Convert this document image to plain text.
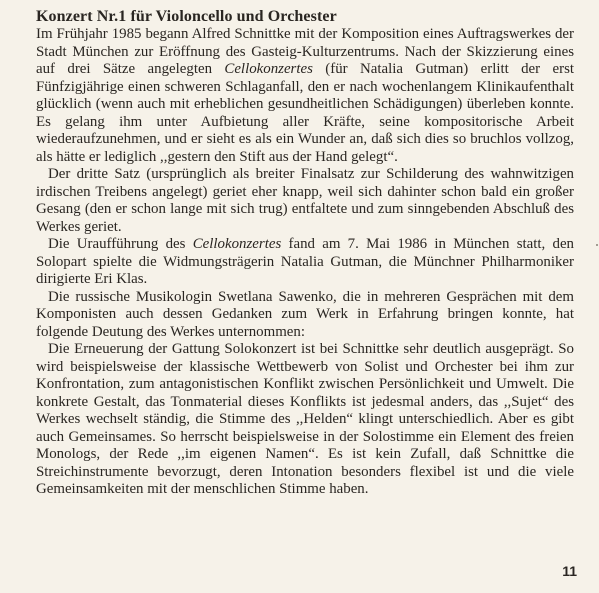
Konzert Nr.1 für Violoncello und Orchester

Im Frühjahr 1985 begann Alfred Schnittke mit der Komposition eines Auftragswerkes der Stadt München zur Eröffnung des Gasteig-Kulturzentrums. Nach der Skizzierung eines auf drei Sätze angelegten Cellokonzertes (für Natalia Gutman) erlitt der erst Fünfzigjährige einen schweren Schlaganfall, den er nach wochenlangem Klinikaufenthalt glücklich (wenn auch mit erheblichen gesundheitlichen Schädigungen) überleben konnte. Es gelang ihm unter Aufbietung aller Kräfte, seine kompositorische Arbeit wiederaufzunehmen, und er sieht es als ein Wunder an, daß sich dies so bruchlos vollzog, als hätte er lediglich ,,gestern den Stift aus der Hand gelegt“.

Der dritte Satz (ursprünglich als breiter Finalsatz zur Schilderung des wahnwitzigen irdischen Treibens angelegt) geriet eher knapp, weil sich dahinter schon bald ein großer Gesang (den er schon lange mit sich trug) entfaltete und zum sinngebenden Abschluß des Werkes geriet.

Die Uraufführung des Cellokonzertes fand am 7. Mai 1986 in München statt, den Solopart spielte die Widmungsträgerin Natalia Gutman, die Münchner Philharmoniker dirigierte Eri Klas.

Die russische Musikologin Swetlana Sawenko, die in mehreren Gesprächen mit dem Komponisten auch dessen Gedanken zum Werk in Erfahrung bringen konnte, hat folgende Deutung des Werkes unternommen:

Die Erneuerung der Gattung Solokonzert ist bei Schnittke sehr deutlich ausgeprägt. So wird beispielsweise der klassische Wettbewerb von Solist und Orchester bei ihm zur Konfrontation, zum antagonistischen Konflikt zwischen Persönlichkeit und Umwelt. Die konkrete Gestalt, das Tonmaterial dieses Konflikts ist jedesmal anders, das ,,Sujet“ des Werkes wechselt ständig, die Stimme des ,,Helden“ klingt unterschiedlich. Aber es gibt auch Gemeinsames. So herrscht beispielsweise in der Solostimme ein Element des freien Monologs, der Rede ,,im eigenen Namen“. Es ist kein Zufall, daß Schnittke die Streichinstrumente bevorzugt, deren Intonation besonders flexibel ist und die viele Gemeinsamkeiten mit der menschlichen Stimme haben.

11
